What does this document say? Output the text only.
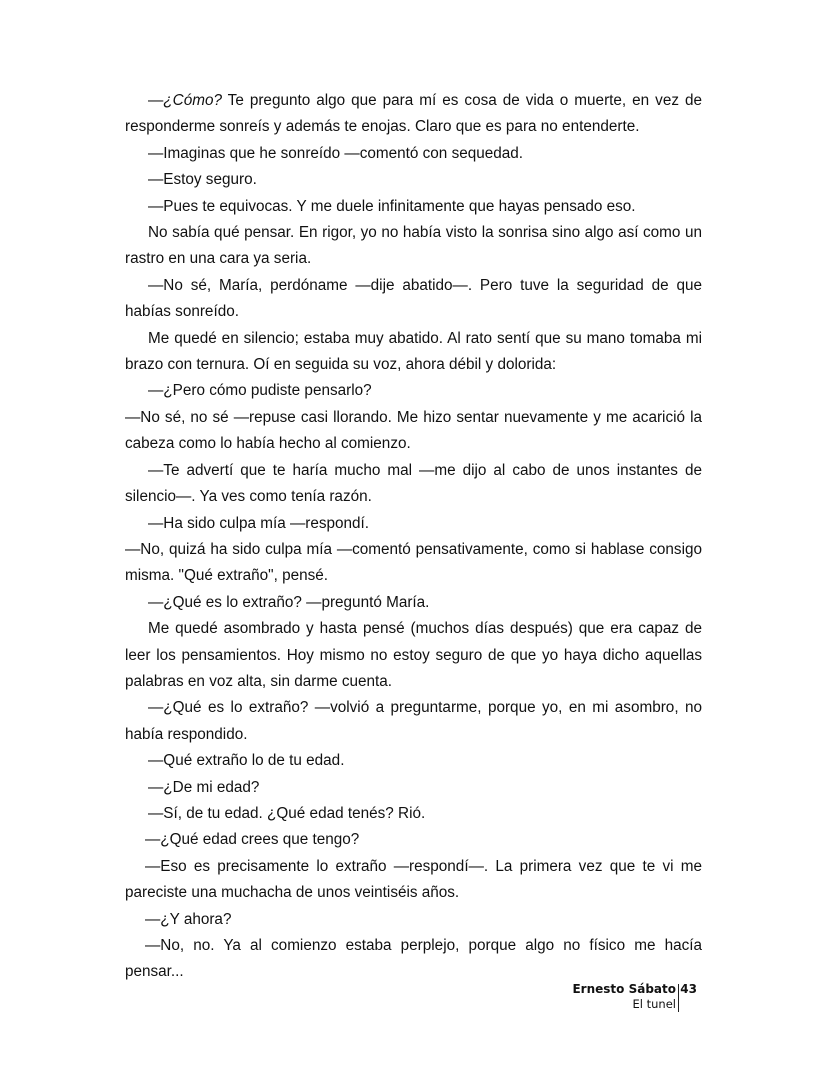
—¿Cómo? Te pregunto algo que para mí es cosa de vida o muerte, en vez de responderme sonreís y además te enojas. Claro que es para no entenderte.

—Imaginas que he sonreído —comentó con sequedad.

—Estoy seguro.

—Pues te equivocas. Y me duele infinitamente que hayas pensado eso.

No sabía qué pensar. En rigor, yo no había visto la sonrisa sino algo así como un rastro en una cara ya seria.

—No sé, María, perdóname —dije abatido—. Pero tuve la seguridad de que habías sonreído.

Me quedé en silencio; estaba muy abatido. Al rato sentí que su mano tomaba mi brazo con ternura. Oí en seguida su voz, ahora débil y dolorida:

—¿Pero cómo pudiste pensarlo?

—No sé, no sé —repuse casi llorando. Me hizo sentar nuevamente y me acarició la cabeza como lo había hecho al comienzo.

—Te advertí que te haría mucho mal —me dijo al cabo de unos instantes de silencio—. Ya ves como tenía razón.

—Ha sido culpa mía —respondí.

—No, quizá ha sido culpa mía —comentó pensativamente, como si hablase consigo misma. "Qué extraño", pensé.

—¿Qué es lo extraño? —preguntó María.

Me quedé asombrado y hasta pensé (muchos días después) que era capaz de leer los pensamientos. Hoy mismo no estoy seguro de que yo haya dicho aquellas palabras en voz alta, sin darme cuenta.

—¿Qué es lo extraño? —volvió a preguntarme, porque yo, en mi asombro, no había respondido.

—Qué extraño lo de tu edad.

—¿De mi edad?

—Sí, de tu edad. ¿Qué edad tenés? Rió.

—¿Qué edad crees que tengo?

—Eso es precisamente lo extraño —respondí—. La primera vez que te vi me pareciste una muchacha de unos veintiséis años.

—¿Y ahora?

—No, no. Ya al comienzo estaba perplejo, porque algo no físico me hacía pensar...

Ernesto Sábato
El tunel
43
